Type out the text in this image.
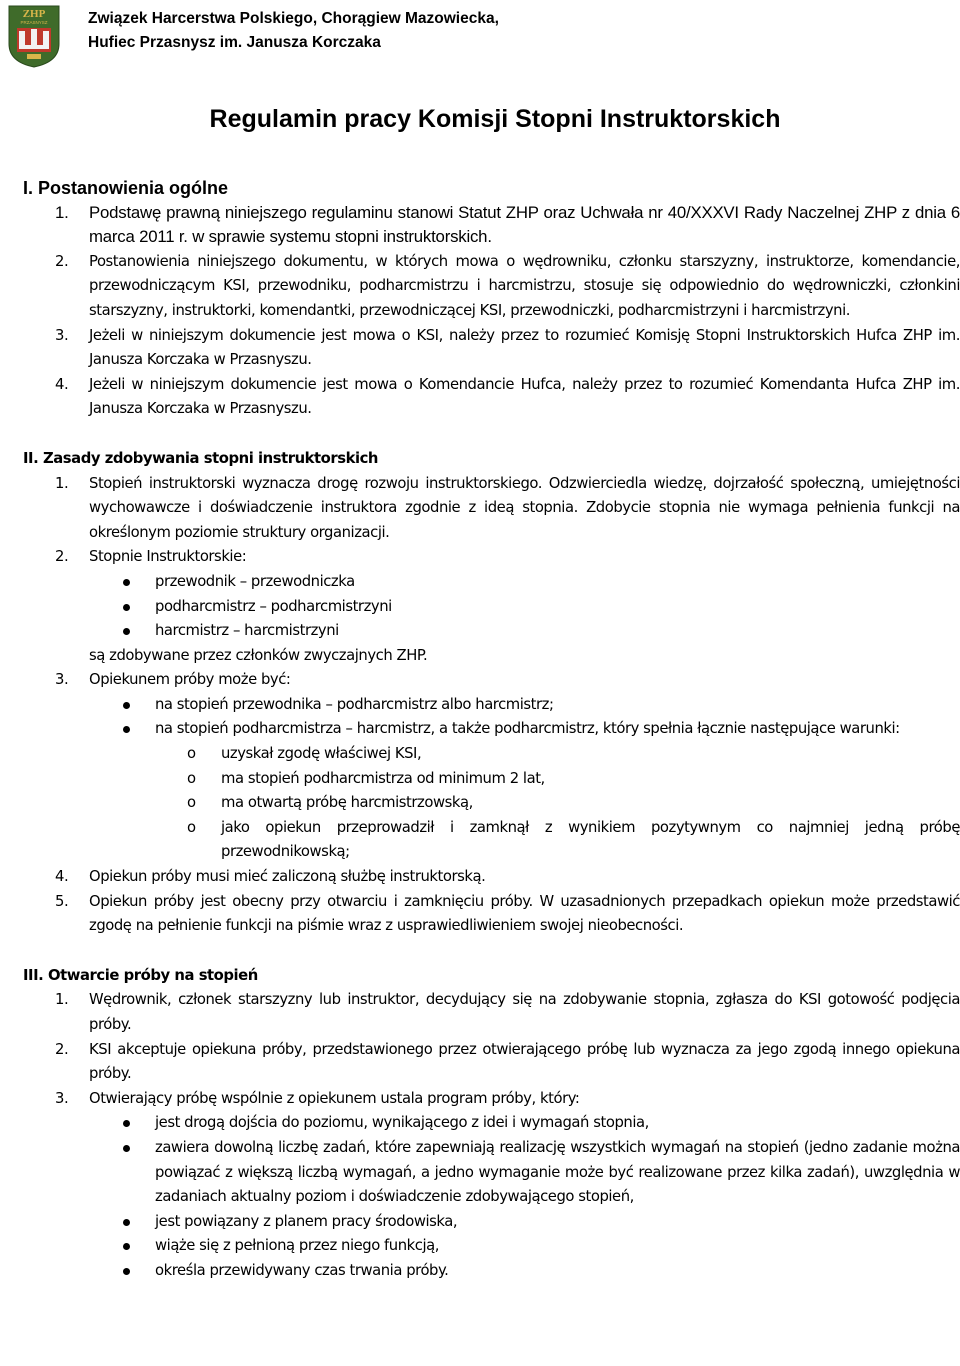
ZHP
PRZASNYSZ	Związek Harcerstwa Polskiego, Chorągiew Mazowiecka,
Hufiec Przasnysz im. Janusza Korczaka
Regulamin pracy Komisji Stopni Instruktorskich
I. Postanowienia ogólne
1. Podstawę prawną niniejszego regulaminu stanowi Statut ZHP oraz Uchwała nr 40/XXXVI Rady Naczelnej ZHP z dnia 6 marca 2011 r. w sprawie systemu stopni instruktorskich.
2. Postanowienia niniejszego dokumentu, w których mowa o wędrowniku, członku starszyzny, instruktorze, komendancie, przewodniczącym KSI, przewodniku, podharcmistrzu i harcmistrzu, stosuje się odpowiednio do wędrowniczki, członkini starszyzny, instruktorki, komendantki, przewodniczącej KSI, przewodniczki, podharcmistrzyni i harcmistrzyni.
3. Jeżeli w niniejszym dokumencie jest mowa o KSI, należy przez to rozumieć Komisję Stopni Instruktorskich Hufca ZHP im. Janusza Korczaka w Przasnyszu.
4. Jeżeli w niniejszym dokumencie jest mowa o Komendancie Hufca, należy przez to rozumieć Komendanta Hufca ZHP im. Janusza Korczaka w Przasnyszu.
II. Zasady zdobywania stopni instruktorskich
1. Stopień instruktorski wyznacza drogę rozwoju instruktorskiego. Odzwierciedla wiedzę, dojrzałość społeczną, umiejętności wychowawcze i doświadczenie instruktora zgodnie z ideą stopnia. Zdobycie stopnia nie wymaga pełnienia funkcji na określonym poziomie struktury organizacji.
2. Stopnie Instruktorskie:
przewodnik – przewodniczka
podharcmistrz – podharcmistrzyni
harcmistrz – harcmistrzyni
są zdobywane przez członków zwyczajnych ZHP.
3. Opiekunem próby może być:
na stopień przewodnika – podharcmistrz albo harcmistrz;
na stopień podharcmistrza – harcmistrz, a także podharcmistrz, który spełnia łącznie następujące warunki:
o uzyskał zgodę właściwej KSI,
o ma stopień podharcmistrza od minimum 2 lat,
o ma otwartą próbę harcmistrzowską,
o jako opiekun przeprowadził i zamknął z wynikiem pozytywnym co najmniej jedną próbę przewodnikowską;
4. Opiekun próby musi mieć zaliczoną służbę instruktorską.
5. Opiekun próby jest obecny przy otwarciu i zamknięciu próby. W uzasadnionych przepadkach opiekun może przedstawić zgodę na pełnienie funkcji na piśmie wraz z usprawiedliwieniem swojej nieobecności.
III. Otwarcie próby na stopień
1. Wędrownik, członek starszyzny lub instruktor, decydujący się na zdobywanie stopnia, zgłasza do KSI gotowość podjęcia próby.
2. KSI akceptuje opiekuna próby, przedstawionego przez otwierającego próbę lub wyznacza za jego zgodą innego opiekuna próby.
3. Otwierający próbę wspólnie z opiekunem ustala program próby, który:
jest drogą dojścia do poziomu, wynikającego z idei i wymagań stopnia,
zawiera dowolną liczbę zadań, które zapewniają realizację wszystkich wymagań na stopień (jedno zadanie można powiązać z większą liczbą wymagań, a jedno wymaganie może być realizowane przez kilka zadań), uwzględnia w zadaniach aktualny poziom i doświadczenie zdobywającego stopień,
jest powiązany z planem pracy środowiska,
wiąże się z pełnioną przez niego funkcją,
określa przewidywany czas trwania próby.
